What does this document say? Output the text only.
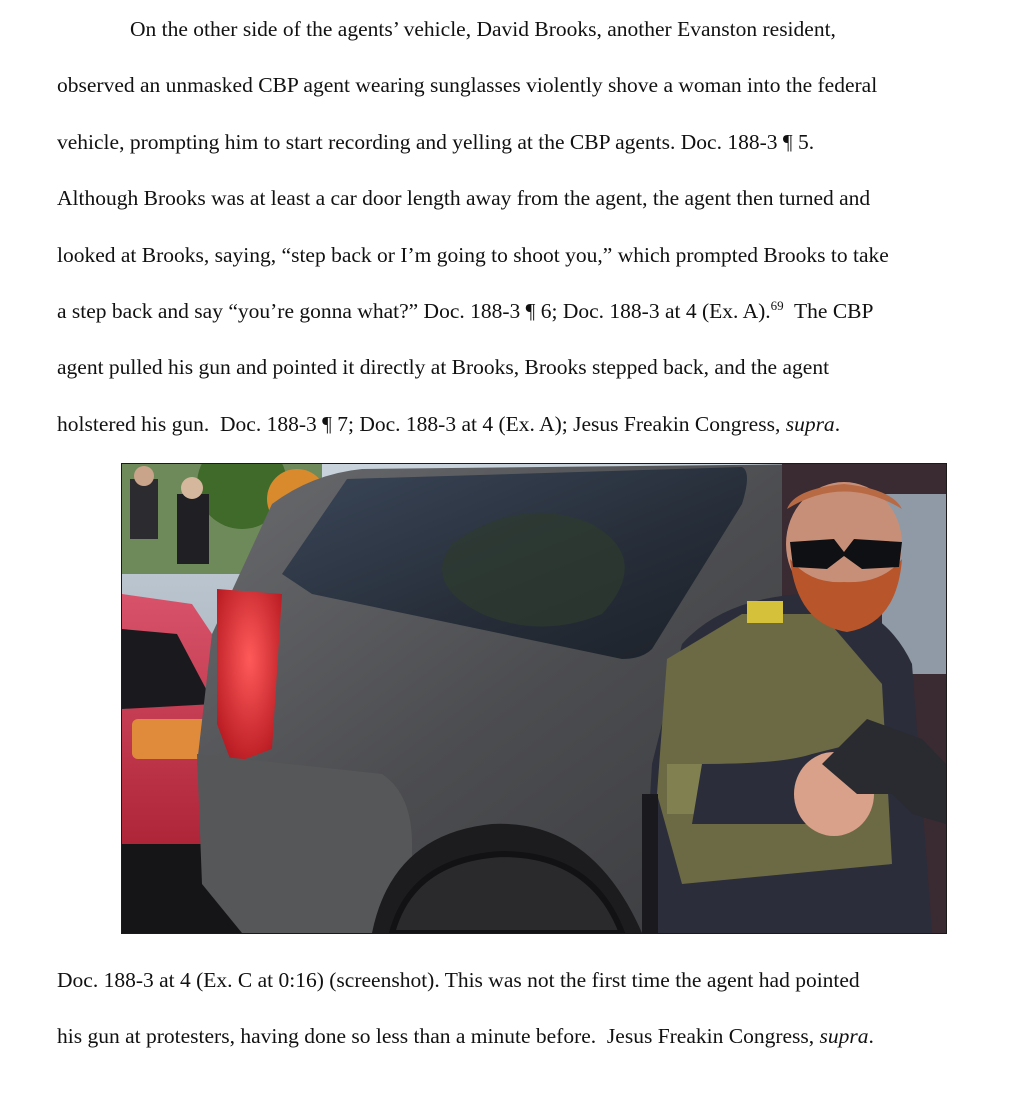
On the other side of the agents’ vehicle, David Brooks, another Evanston resident,
observed an unmasked CBP agent wearing sunglasses violently shove a woman into the federal
vehicle, prompting him to start recording and yelling at the CBP agents. Doc. 188-3 ¶ 5.
Although Brooks was at least a car door length away from the agent, the agent then turned and
looked at Brooks, saying, “step back or I’m going to shoot you,” which prompted Brooks to take
a step back and say “you’re gonna what?” Doc. 188-3 ¶ 6; Doc. 188-3 at 4 (Ex. A).$^{69}$  The CBP
agent pulled his gun and pointed it directly at Brooks, Brooks stepped back, and the agent
holstered his gun.  Doc. 188-3 ¶ 7; Doc. 188-3 at 4 (Ex. A); Jesus Freakin Congress, supra.

Doc. 188-3 at 4 (Ex. C at 0:16) (screenshot). This was not the first time the agent had pointed
his gun at protesters, having done so less than a minute before.  Jesus Freakin Congress, supra.
